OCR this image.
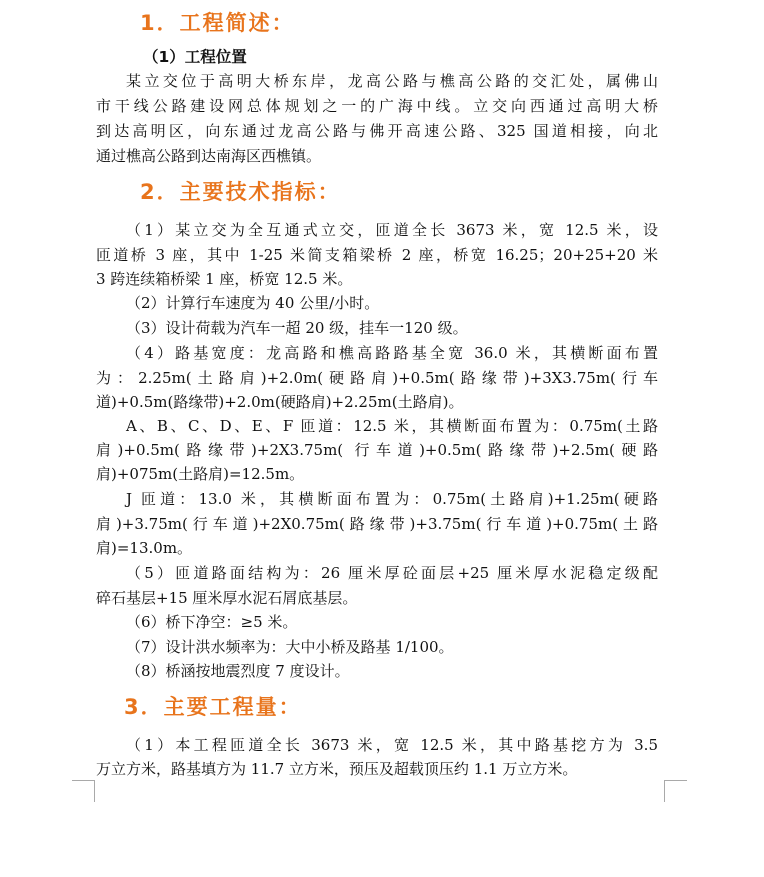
1．工程简述：
（1）工程位置
某立交位于高明大桥东岸，龙高公路与樵高公路的交汇处，属佛山
市干线公路建设网总体规划之一的广海中线。立交向西通过高明大桥
到达高明区，向东通过龙高公路与佛开高速公路、325 国道相接，向北
通过樵高公路到达南海区西樵镇。
2．主要技术指标：
（1）某立交为全互通式立交，匝道全长 3673 米，宽 12.5 米，设
匝道桥 3 座，其中 1-25 米简支箱梁桥 2 座，桥宽 16.25；20+25+20 米
3 跨连续箱桥梁 1 座，桥宽 12.5 米。
（2）计算行车速度为 40 公里/小时。
（3）设计荷载为汽车一超 20 级，挂车一120 级。
（4）路基宽度：龙高路和樵高路路基全宽 36.0 米，其横断面布置
为：2.25m(土路肩)+2.0m(硬路肩)+0.5m(路缘带)+3X3.75m(行车
道)+0.5m(路缘带)+2.0m(硬路肩)+2.25m(土路肩)。
A、B、C、D、E、F 匝道：12.5 米，其横断面布置为：0.75m(土路
肩)+0.5m(路缘带)+2X3.75m( 行车道)+0.5m(路缘带)+2.5m(硬路
肩)+075m(土路肩)=12.5m。
J 匝道：13.0 米，其横断面布置为：0.75m(土路肩)+1.25m(硬路
肩)+3.75m(行车道)+2X0.75m(路缘带)+3.75m(行车道)+0.75m(土路
肩)=13.0m。
（5）匝道路面结构为：26 厘米厚砼面层+25 厘米厚水泥稳定级配
碎石基层+15 厘米厚水泥石屑底基层。
（6）桥下净空：≥5 米。
（7）设计洪水频率为：大中小桥及路基 1/100。
（8）桥涵按地震烈度 7 度设计。
3．主要工程量：
（1）本工程匝道全长 3673 米，宽 12.5 米，其中路基挖方为 3.5
万立方米，路基填方为 11.7 立方米，预压及超载顶压约 1.1 万立方米。
